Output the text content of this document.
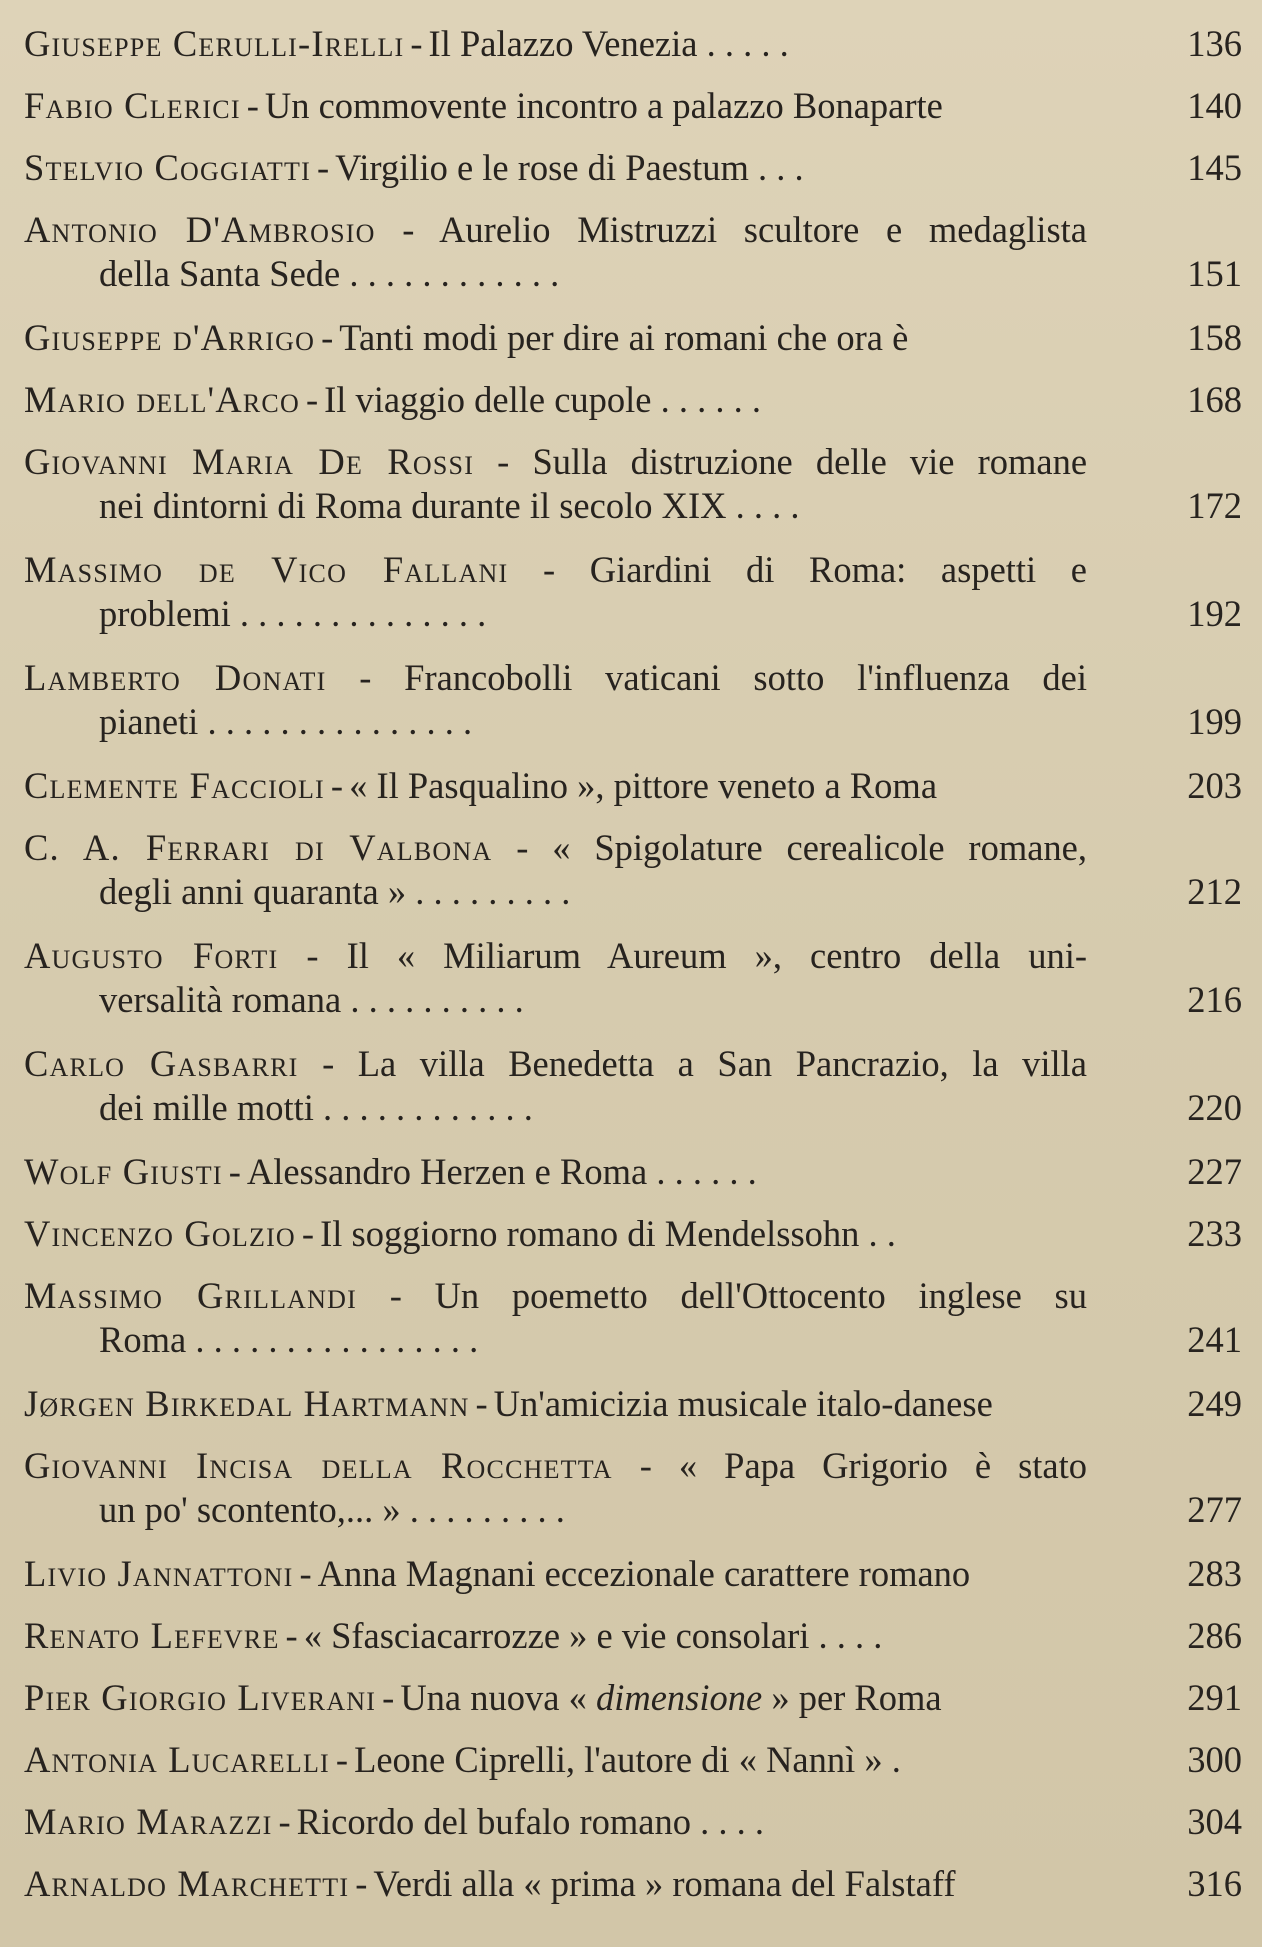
Giuseppe Cerulli-Irelli - Il Palazzo Venezia . . . . .	136
Fabio Clerici - Un commovente incontro a palazzo Bonaparte	140
Stelvio Coggiatti - Virgilio e le rose di Paestum . . .	145
Antonio D'Ambrosio - Aurelio Mistruzzi scultore e medaglista
della Santa Sede . . . . . . . . . . . .	151
Giuseppe d'Arrigo - Tanti modi per dire ai romani che ora è	158
Mario dell'Arco - Il viaggio delle cupole . . . . . .	168
Giovanni Maria De Rossi - Sulla distruzione delle vie romane
nei dintorni di Roma durante il secolo XIX . . . .	172
Massimo de Vico Fallani - Giardini di Roma: aspetti e
problemi . . . . . . . . . . . . . .	192
Lamberto Donati - Francobolli vaticani sotto l'influenza dei
pianeti . . . . . . . . . . . . . . .	199
Clemente Faccioli - « Il Pasqualino », pittore veneto a Roma	203
C. A. Ferrari di Valbona - « Spigolature cerealicole romane,
degli anni quaranta » . . . . . . . . .	212
Augusto Forti - Il « Miliarum Aureum », centro della uni-
versalità romana . . . . . . . . . .	216
Carlo Gasbarri - La villa Benedetta a San Pancrazio, la villa
dei mille motti . . . . . . . . . . . .	220
Wolf Giusti - Alessandro Herzen e Roma . . . . . .	227
Vincenzo Golzio - Il soggiorno romano di Mendelssohn . .	233
Massimo Grillandi - Un poemetto dell'Ottocento inglese su
Roma . . . . . . . . . . . . . . . .	241
Jørgen Birkedal Hartmann - Un'amicizia musicale italo-danese	249
Giovanni Incisa della Rocchetta - « Papa Grigorio è stato
un po' scontento,... » . . . . . . . . .	277
Livio Jannattoni - Anna Magnani eccezionale carattere romano	283
Renato Lefevre - « Sfasciacarrozze » e vie consolari . . . .	286
Pier Giorgio Liverani - Una nuova « dimensione » per Roma	291
Antonia Lucarelli - Leone Ciprelli, l'autore di « Nannì » .	300
Mario Marazzi - Ricordo del bufalo romano . . . .	304
Arnaldo Marchetti - Verdi alla « prima » romana del Falstaff	316
